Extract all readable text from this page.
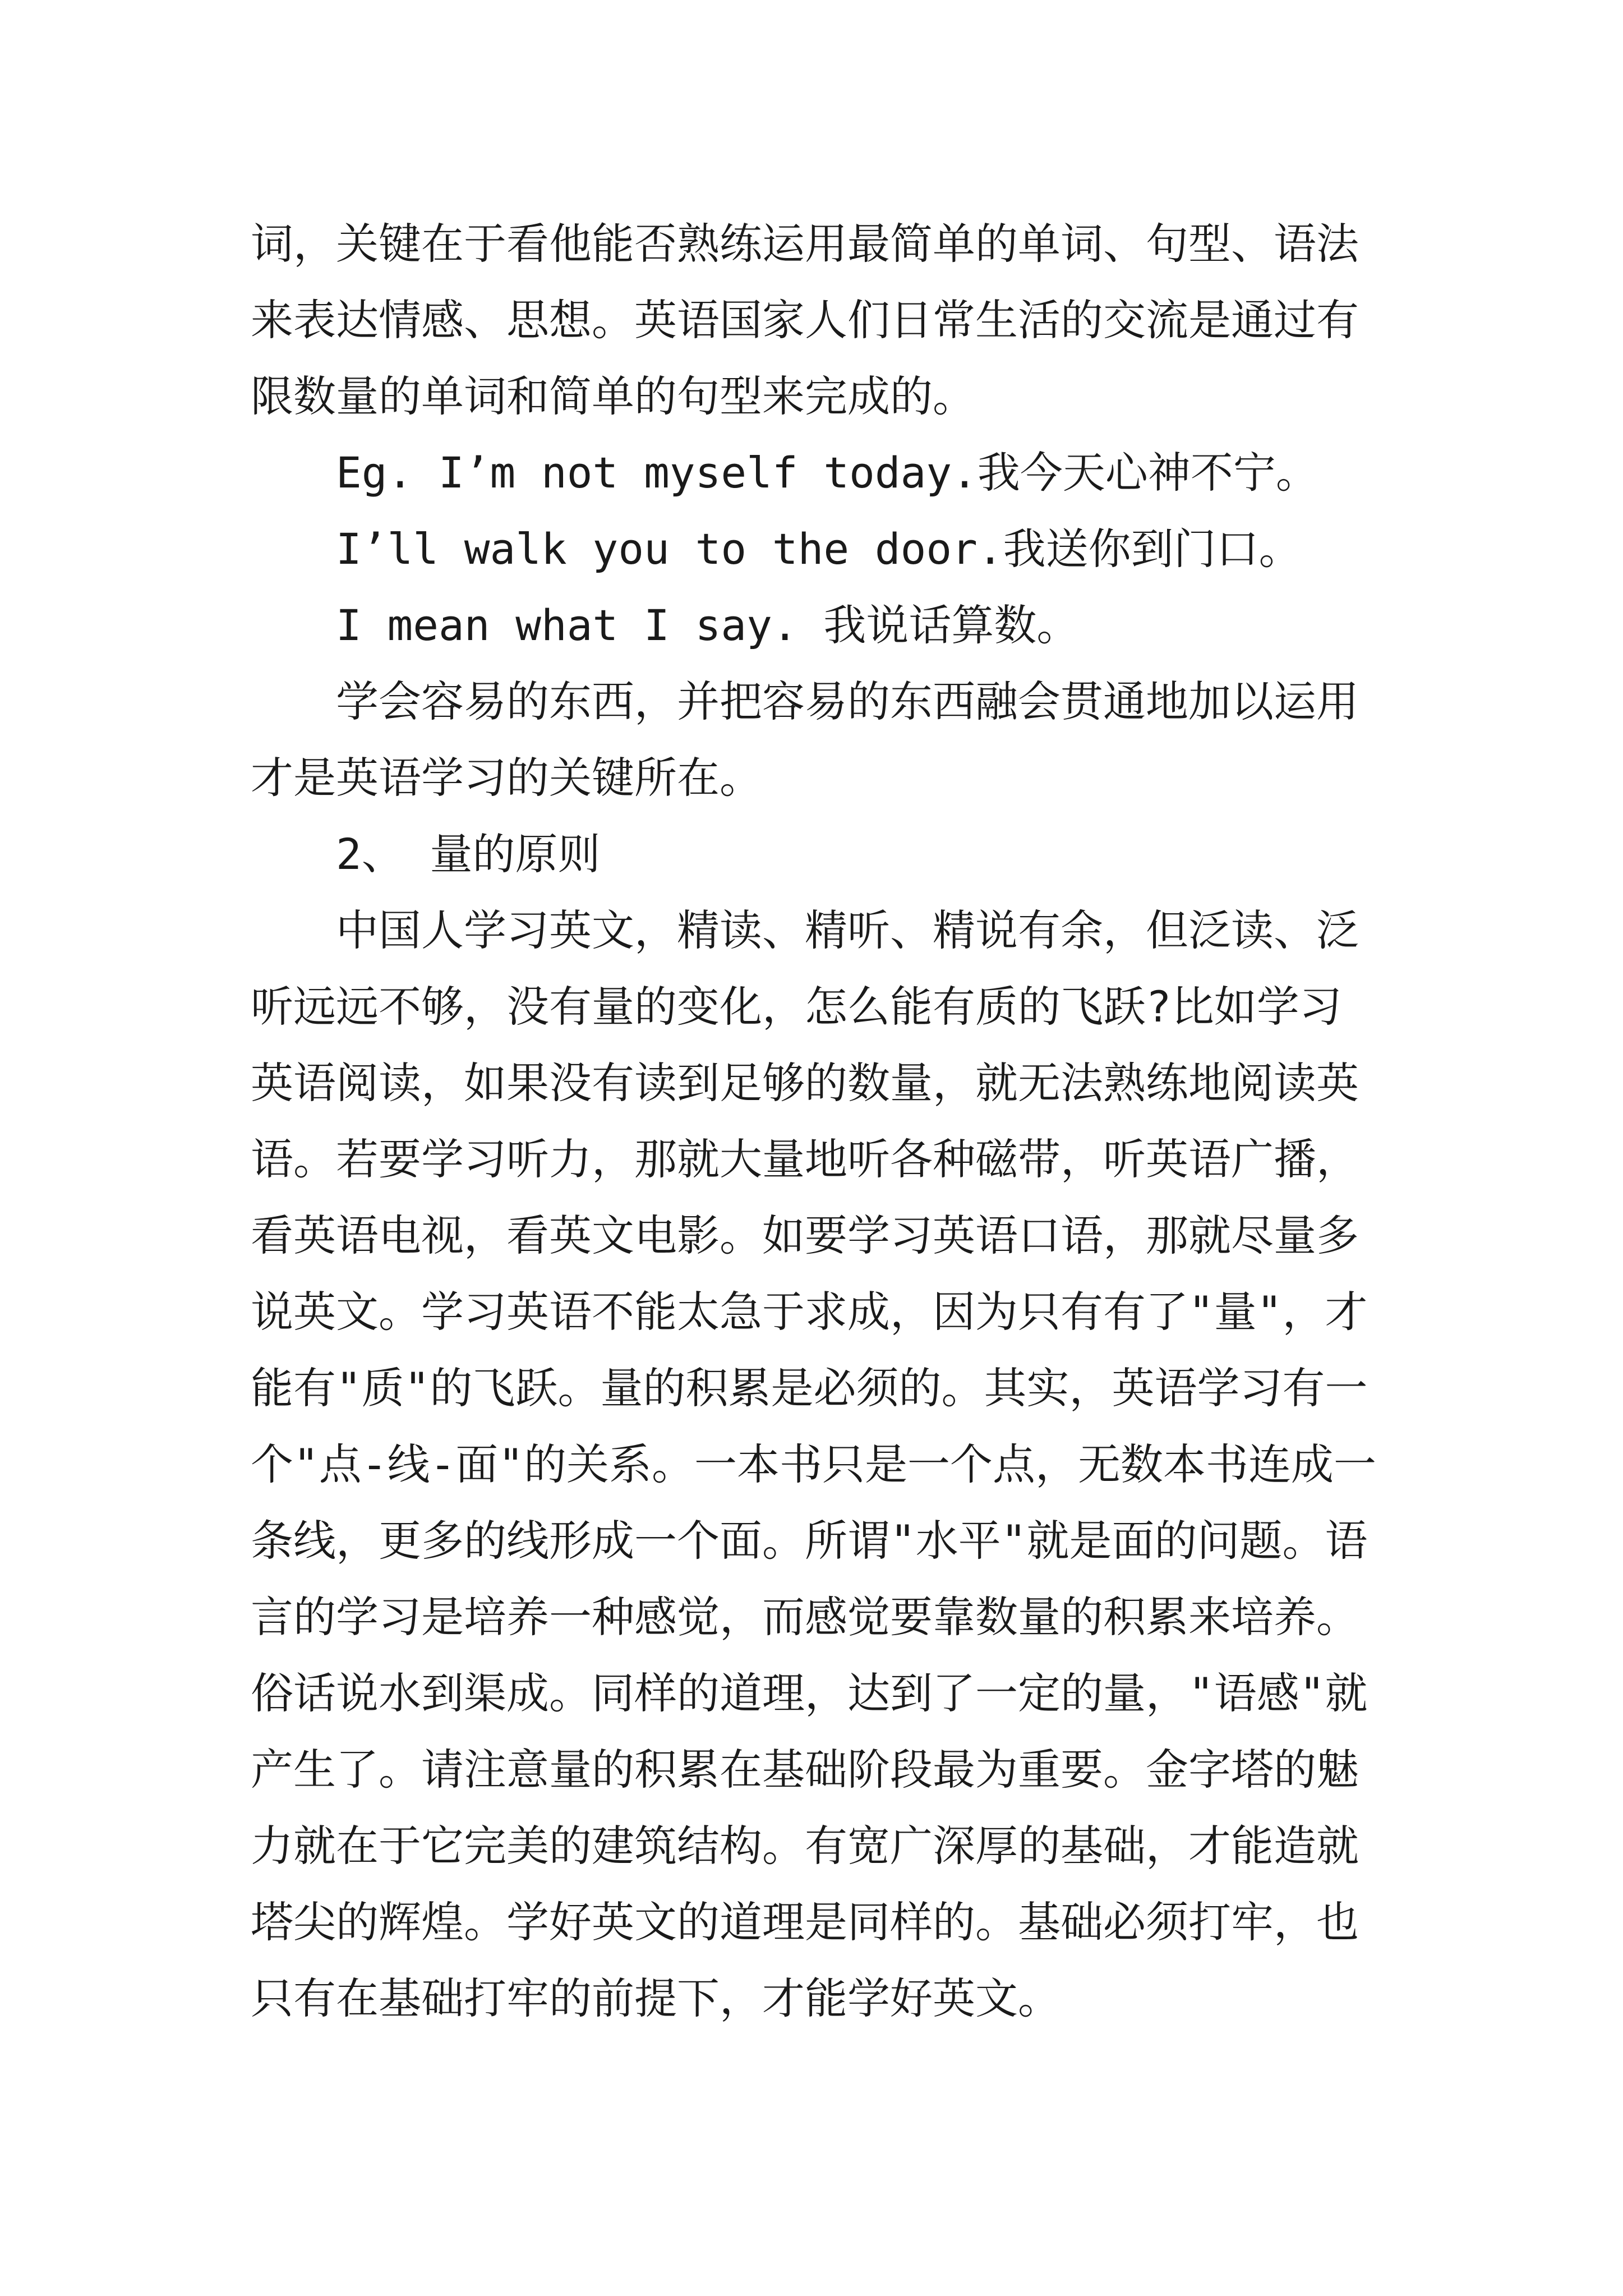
词，关键在于看他能否熟练运用最简单的单词、句型、语法
来表达情感、思想。英语国家人们日常生活的交流是通过有
限数量的单词和简单的句型来完成的。
Eg. I’m not myself today.我今天心神不宁。
I’ll walk you to the door.我送你到门口。
I mean what I say. 我说话算数。
学会容易的东西，并把容易的东西融会贯通地加以运用
才是英语学习的关键所在。
2、 量的原则
中国人学习英文，精读、精听、精说有余，但泛读、泛
听远远不够，没有量的变化，怎么能有质的飞跃?比如学习
英语阅读，如果没有读到足够的数量，就无法熟练地阅读英
语。若要学习听力，那就大量地听各种磁带，听英语广播，
看英语电视，看英文电影。如要学习英语口语，那就尽量多
说英文。学习英语不能太急于求成，因为只有有了"量"，才
能有"质"的飞跃。量的积累是必须的。其实，英语学习有一
个"点-线-面"的关系。一本书只是一个点，无数本书连成一
条线，更多的线形成一个面。所谓"水平"就是面的问题。语
言的学习是培养一种感觉，而感觉要靠数量的积累来培养。
俗话说水到渠成。同样的道理，达到了一定的量，"语感"就
产生了。请注意量的积累在基础阶段最为重要。金字塔的魅
力就在于它完美的建筑结构。有宽广深厚的基础，才能造就
塔尖的辉煌。学好英文的道理是同样的。基础必须打牢，也
只有在基础打牢的前提下，才能学好英文。
